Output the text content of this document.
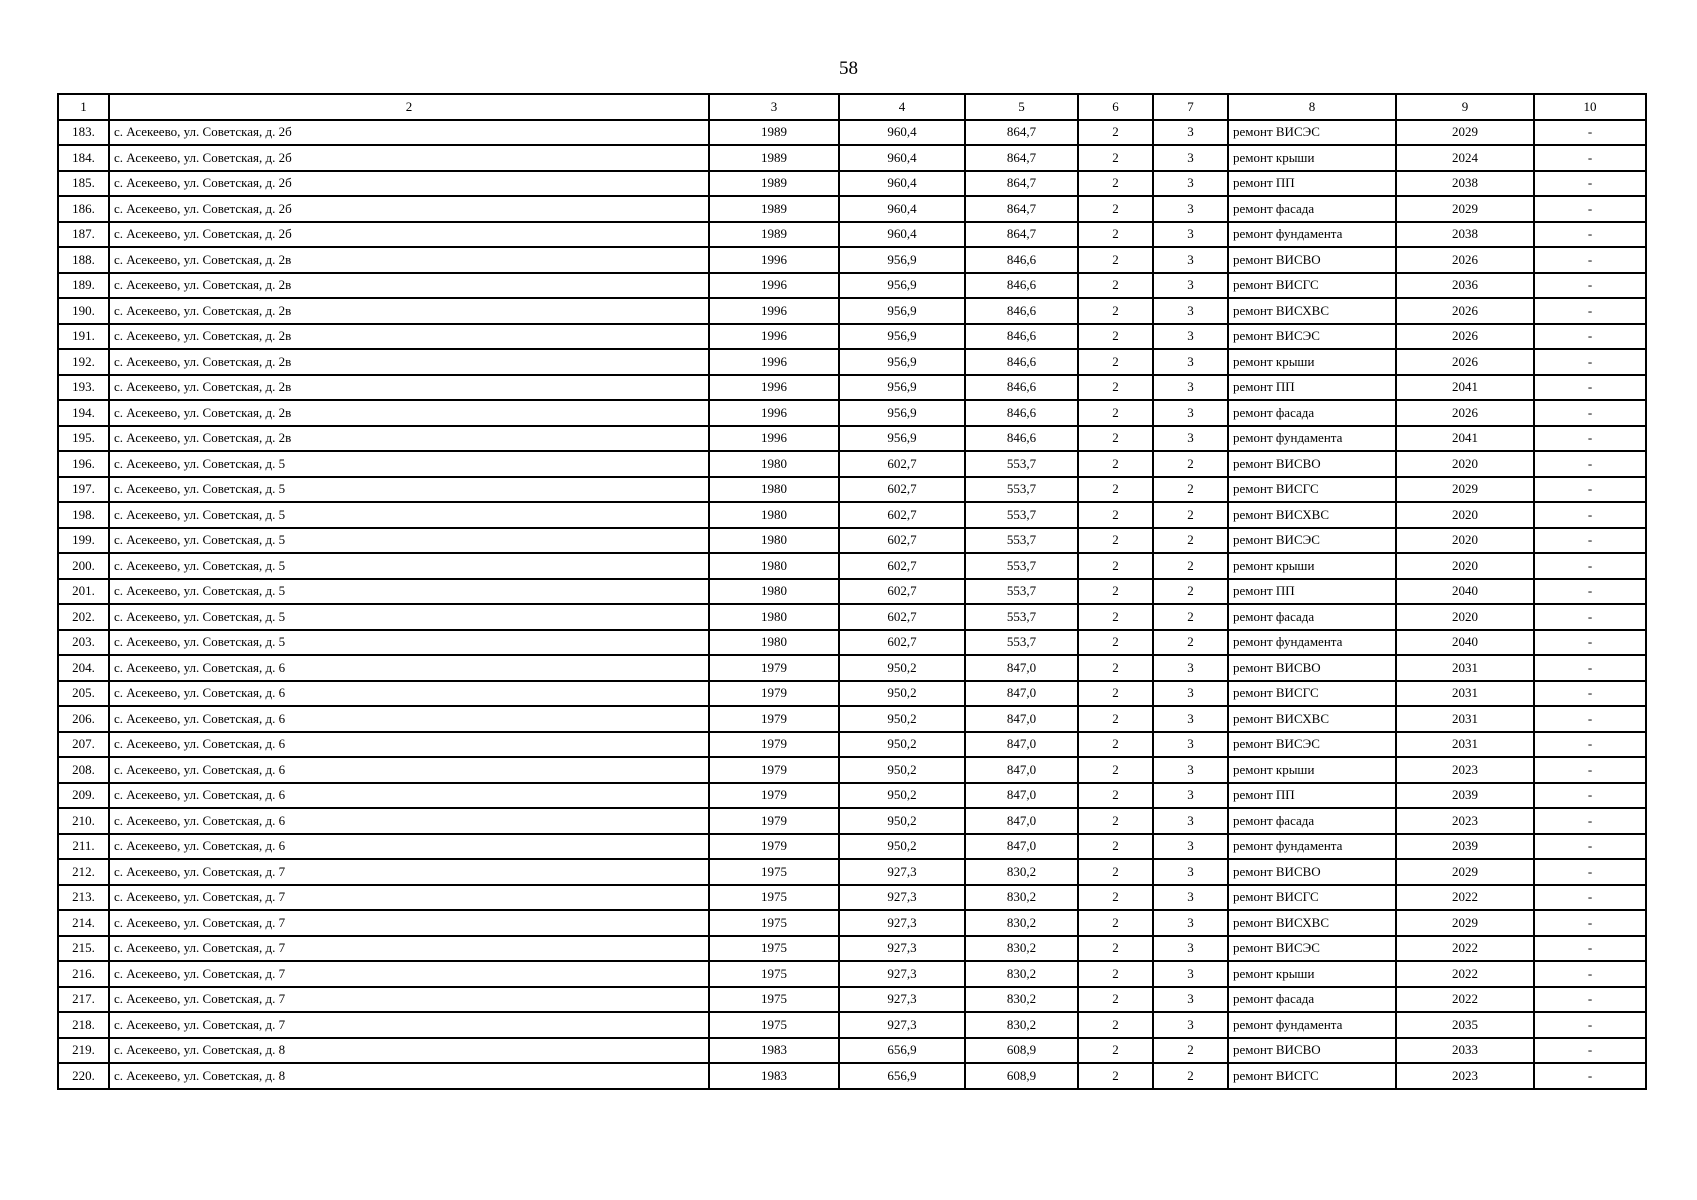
58
1	2	3	4	5	6	7	8	9	10
183.	с. Асекеево, ул. Советская, д. 2б	1989	960,4	864,7	2	3	ремонт ВИСЭС	2029	-
184.	с. Асекеево, ул. Советская, д. 2б	1989	960,4	864,7	2	3	ремонт крыши	2024	-
185.	с. Асекеево, ул. Советская, д. 2б	1989	960,4	864,7	2	3	ремонт ПП	2038	-
186.	с. Асекеево, ул. Советская, д. 2б	1989	960,4	864,7	2	3	ремонт фасада	2029	-
187.	с. Асекеево, ул. Советская, д. 2б	1989	960,4	864,7	2	3	ремонт фундамента	2038	-
188.	с. Асекеево, ул. Советская, д. 2в	1996	956,9	846,6	2	3	ремонт ВИСВО	2026	-
189.	с. Асекеево, ул. Советская, д. 2в	1996	956,9	846,6	2	3	ремонт ВИСГС	2036	-
190.	с. Асекеево, ул. Советская, д. 2в	1996	956,9	846,6	2	3	ремонт ВИСХВС	2026	-
191.	с. Асекеево, ул. Советская, д. 2в	1996	956,9	846,6	2	3	ремонт ВИСЭС	2026	-
192.	с. Асекеево, ул. Советская, д. 2в	1996	956,9	846,6	2	3	ремонт крыши	2026	-
193.	с. Асекеево, ул. Советская, д. 2в	1996	956,9	846,6	2	3	ремонт ПП	2041	-
194.	с. Асекеево, ул. Советская, д. 2в	1996	956,9	846,6	2	3	ремонт фасада	2026	-
195.	с. Асекеево, ул. Советская, д. 2в	1996	956,9	846,6	2	3	ремонт фундамента	2041	-
196.	с. Асекеево, ул. Советская, д. 5	1980	602,7	553,7	2	2	ремонт ВИСВО	2020	-
197.	с. Асекеево, ул. Советская, д. 5	1980	602,7	553,7	2	2	ремонт ВИСГС	2029	-
198.	с. Асекеево, ул. Советская, д. 5	1980	602,7	553,7	2	2	ремонт ВИСХВС	2020	-
199.	с. Асекеево, ул. Советская, д. 5	1980	602,7	553,7	2	2	ремонт ВИСЭС	2020	-
200.	с. Асекеево, ул. Советская, д. 5	1980	602,7	553,7	2	2	ремонт крыши	2020	-
201.	с. Асекеево, ул. Советская, д. 5	1980	602,7	553,7	2	2	ремонт ПП	2040	-
202.	с. Асекеево, ул. Советская, д. 5	1980	602,7	553,7	2	2	ремонт фасада	2020	-
203.	с. Асекеево, ул. Советская, д. 5	1980	602,7	553,7	2	2	ремонт фундамента	2040	-
204.	с. Асекеево, ул. Советская, д. 6	1979	950,2	847,0	2	3	ремонт ВИСВО	2031	-
205.	с. Асекеево, ул. Советская, д. 6	1979	950,2	847,0	2	3	ремонт ВИСГС	2031	-
206.	с. Асекеево, ул. Советская, д. 6	1979	950,2	847,0	2	3	ремонт ВИСХВС	2031	-
207.	с. Асекеево, ул. Советская, д. 6	1979	950,2	847,0	2	3	ремонт ВИСЭС	2031	-
208.	с. Асекеево, ул. Советская, д. 6	1979	950,2	847,0	2	3	ремонт крыши	2023	-
209.	с. Асекеево, ул. Советская, д. 6	1979	950,2	847,0	2	3	ремонт ПП	2039	-
210.	с. Асекеево, ул. Советская, д. 6	1979	950,2	847,0	2	3	ремонт фасада	2023	-
211.	с. Асекеево, ул. Советская, д. 6	1979	950,2	847,0	2	3	ремонт фундамента	2039	-
212.	с. Асекеево, ул. Советская, д. 7	1975	927,3	830,2	2	3	ремонт ВИСВО	2029	-
213.	с. Асекеево, ул. Советская, д. 7	1975	927,3	830,2	2	3	ремонт ВИСГС	2022	-
214.	с. Асекеево, ул. Советская, д. 7	1975	927,3	830,2	2	3	ремонт ВИСХВС	2029	-
215.	с. Асекеево, ул. Советская, д. 7	1975	927,3	830,2	2	3	ремонт ВИСЭС	2022	-
216.	с. Асекеево, ул. Советская, д. 7	1975	927,3	830,2	2	3	ремонт крыши	2022	-
217.	с. Асекеево, ул. Советская, д. 7	1975	927,3	830,2	2	3	ремонт фасада	2022	-
218.	с. Асекеево, ул. Советская, д. 7	1975	927,3	830,2	2	3	ремонт фундамента	2035	-
219.	с. Асекеево, ул. Советская, д. 8	1983	656,9	608,9	2	2	ремонт ВИСВО	2033	-
220.	с. Асекеево, ул. Советская, д. 8	1983	656,9	608,9	2	2	ремонт ВИСГС	2023	-
